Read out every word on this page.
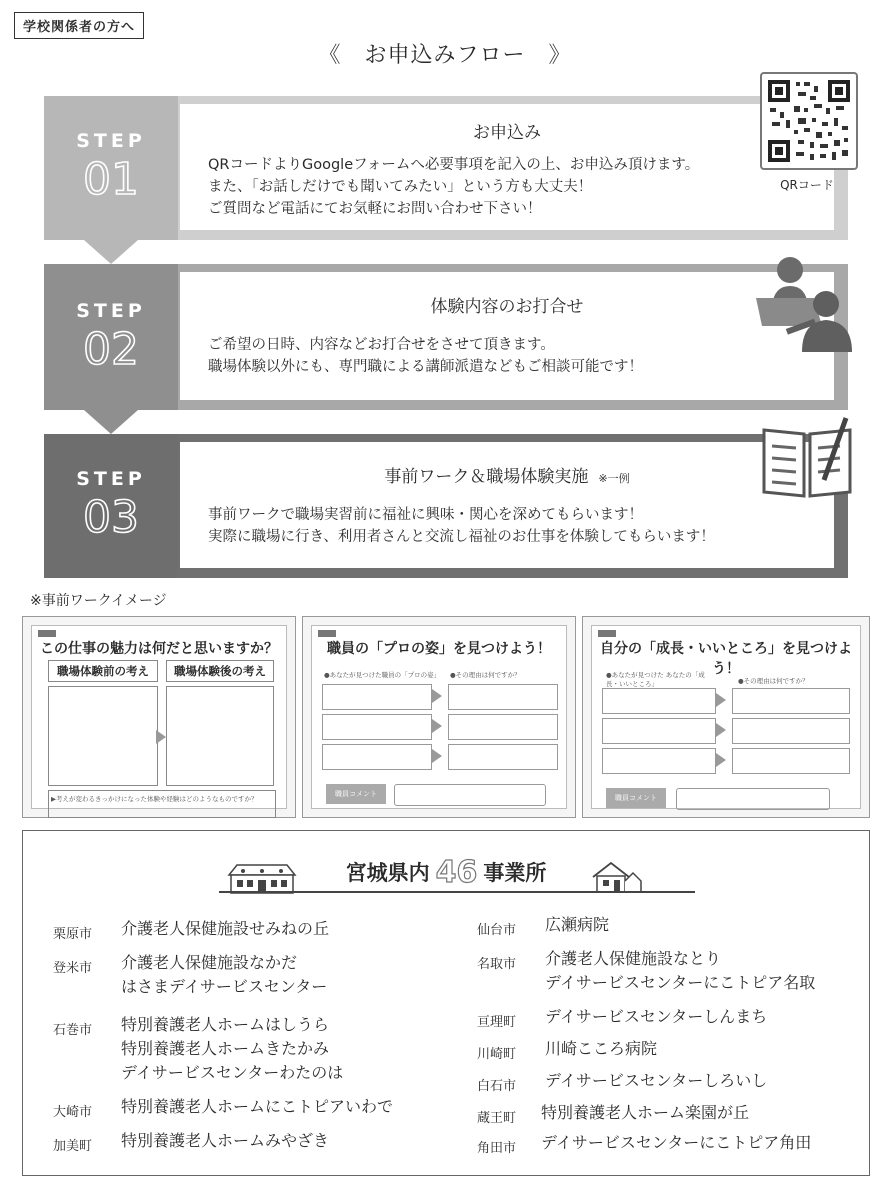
学校関係者の方へ
《　お申込みフロー　》
STEP
01
お申込み
QRコードよりGoogleフォームへ必要事項を記入の上、お申込み頂けます。
また、「お話しだけでも聞いてみたい」という方も大丈夫！
ご質問など電話にてお気軽にお問い合わせ下さい！
QRコード
STEP
02
体験内容のお打合せ
ご希望の日時、内容などお打合せをさせて頂きます。
職場体験以外にも、専門職による講師派遣などもご相談可能です！
STEP
03
事前ワーク＆職場体験実施 ※一例
事前ワークで職場実習前に福祉に興味・関心を深めてもらいます！
実際に職場に行き、利用者さんと交流し福祉のお仕事を体験してもらいます！
※事前ワークイメージ
この仕事の魅力は何だと思いますか？
職場体験前の考え	職場体験後の考え
▶考えが変わるきっかけになった体験や経験はどのようなものですか？
職員の「プロの姿」を見つけよう！
●あなたが見つけた職員の「プロの姿」 ●その理由は何ですか？
職員コメント
自分の「成長・いいところ」を見つけよう！
●あなたが見つけた あなたの「成長・いいところ」	●その理由は何ですか？
職員コメント
宮城県内 46 事業所
栗原市 介護老人保健施設せみねの丘
登米市 介護老人保健施設なかだ
はさまデイサービスセンター
石巻市 特別養護老人ホームはしうら
特別養護老人ホームきたかみ
デイサービスセンターわたのは
大崎市 特別養護老人ホームにこトピアいわで
加美町 特別養護老人ホームみやざき
仙台市 広瀬病院
名取市 介護老人保健施設なとり
デイサービスセンターにこトピア名取
亘理町 デイサービスセンターしんまち
川崎町 川崎こころ病院
白石市 デイサービスセンターしろいし
蔵王町 特別養護老人ホーム楽園が丘
角田市 デイサービスセンターにこトピア角田
